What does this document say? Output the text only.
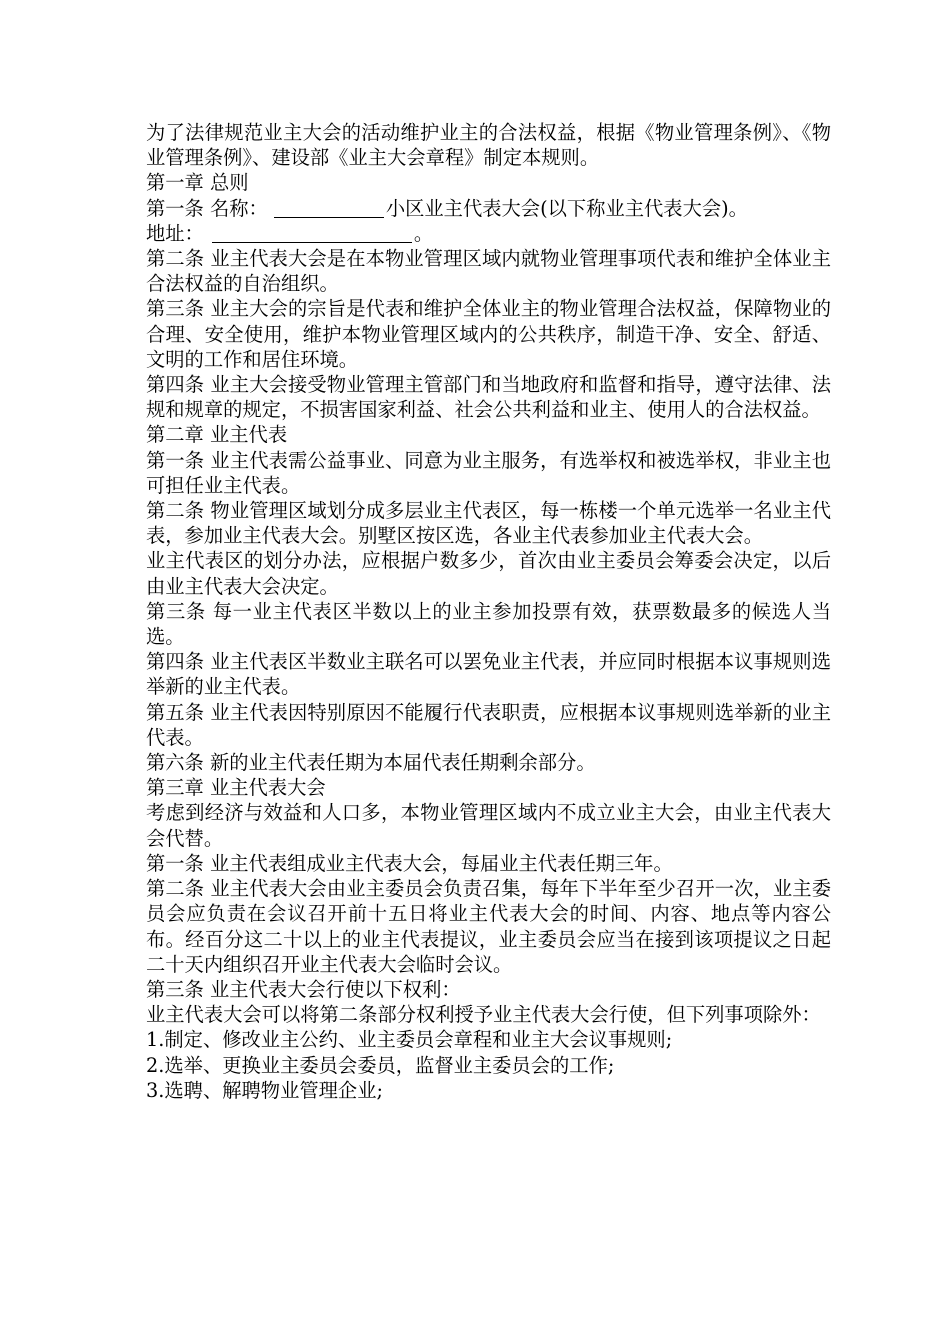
为了法律规范业主大会的活动维护业主的合法权益，根据《物业管理条例》、《物业管理条例》、建设部《业主大会章程》制定本规则。

第一章 总则

第一条 名称：	小区业主代表大会(以下称业主代表大会)。

地址：	。

第二条 业主代表大会是在本物业管理区域内就物业管理事项代表和维护全体业主合法权益的自治组织。

第三条 业主大会的宗旨是代表和维护全体业主的物业管理合法权益，保障物业的合理、安全使用，维护本物业管理区域内的公共秩序，制造干净、安全、舒适、文明的工作和居住环境。

第四条 业主大会接受物业管理主管部门和当地政府和监督和指导，遵守法律、法规和规章的规定，不损害国家利益、社会公共利益和业主、使用人的合法权益。

第二章 业主代表

第一条 业主代表需公益事业、同意为业主服务，有选举权和被选举权，非业主也可担任业主代表。

第二条 物业管理区域划分成多层业主代表区，每一栋楼一个单元选举一名业主代表，参加业主代表大会。别墅区按区选，各业主代表参加业主代表大会。

业主代表区的划分办法，应根据户数多少，首次由业主委员会筹委会决定，以后由业主代表大会决定。

第三条 每一业主代表区半数以上的业主参加投票有效，获票数最多的候选人当选。

第四条 业主代表区半数业主联名可以罢免业主代表，并应同时根据本议事规则选举新的业主代表。

第五条 业主代表因特别原因不能履行代表职责，应根据本议事规则选举新的业主代表。

第六条 新的业主代表任期为本届代表任期剩余部分。

第三章 业主代表大会

考虑到经济与效益和人口多，本物业管理区域内不成立业主大会，由业主代表大会代替。

第一条 业主代表组成业主代表大会，每届业主代表任期三年。

第二条 业主代表大会由业主委员会负责召集，每年下半年至少召开一次，业主委员会应负责在会议召开前十五日将业主代表大会的时间、内容、地点等内容公布。经百分这二十以上的业主代表提议，业主委员会应当在接到该项提议之日起二十天内组织召开业主代表大会临时会议。

第三条 业主代表大会行使以下权利：

业主代表大会可以将第二条部分权利授予业主代表大会行使，但下列事项除外：

1.制定、修改业主公约、业主委员会章程和业主大会议事规则;

2.选举、更换业主委员会委员，监督业主委员会的工作;

3.选聘、解聘物业管理企业;
